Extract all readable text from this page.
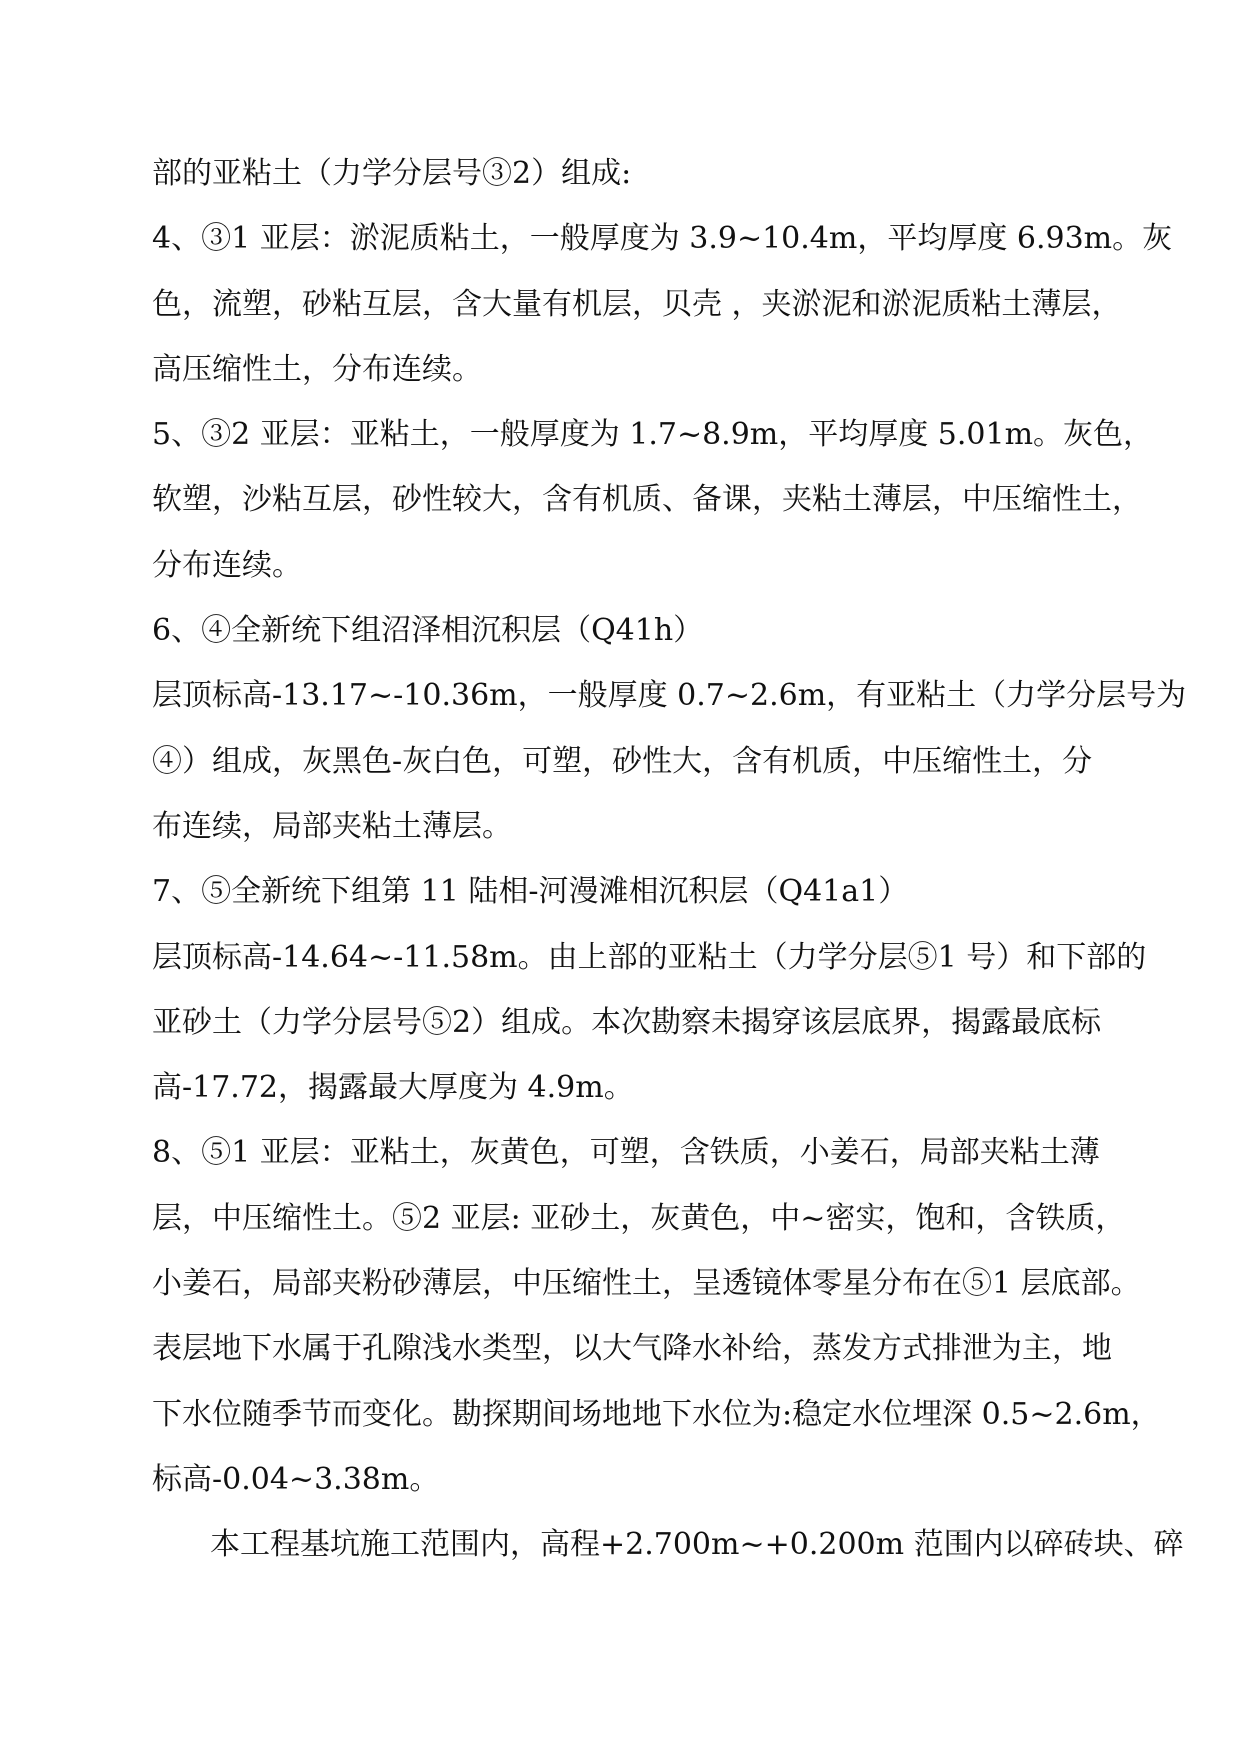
部的亚粘土（力学分层号③2）组成:
4、③1 亚层：淤泥质粘土，一般厚度为 3.9~10.4m，平均厚度 6.93m。灰
色，流塑，砂粘互层，含大量有机层，贝壳 ，夹淤泥和淤泥质粘土薄层，
高压缩性土，分布连续。
5、③2 亚层：亚粘土，一般厚度为 1.7~8.9m，平均厚度 5.01m。灰色，
软塑，沙粘互层，砂性较大，含有机质、备课，夹粘土薄层，中压缩性土，
分布连续。
6、④全新统下组沼泽相沉积层（Q41h）
层顶标高-13.17~-10.36m，一般厚度 0.7~2.6m，有亚粘土（力学分层号为
④）组成，灰黑色-灰白色，可塑，砂性大，含有机质，中压缩性土，分
布连续，局部夹粘土薄层。
7、⑤全新统下组第 11 陆相-河漫滩相沉积层（Q41a1）
层顶标高-14.64~-11.58m。由上部的亚粘土（力学分层⑤1 号）和下部的
亚砂土（力学分层号⑤2）组成。本次勘察未揭穿该层底界，揭露最底标
高-17.72，揭露最大厚度为 4.9m。
8、⑤1 亚层：亚粘土，灰黄色，可塑，含铁质，小姜石，局部夹粘土薄
层，中压缩性土。⑤2 亚层: 亚砂土，灰黄色，中~密实，饱和，含铁质，
小姜石，局部夹粉砂薄层，中压缩性土，呈透镜体零星分布在⑤1 层底部。
表层地下水属于孔隙浅水类型，以大气降水补给，蒸发方式排泄为主，地
下水位随季节而变化。勘探期间场地地下水位为:稳定水位埋深 0.5~2.6m，
标高-0.04~3.38m。
本工程基坑施工范围内，高程+2.700m~+0.200m 范围内以碎砖块、碎
